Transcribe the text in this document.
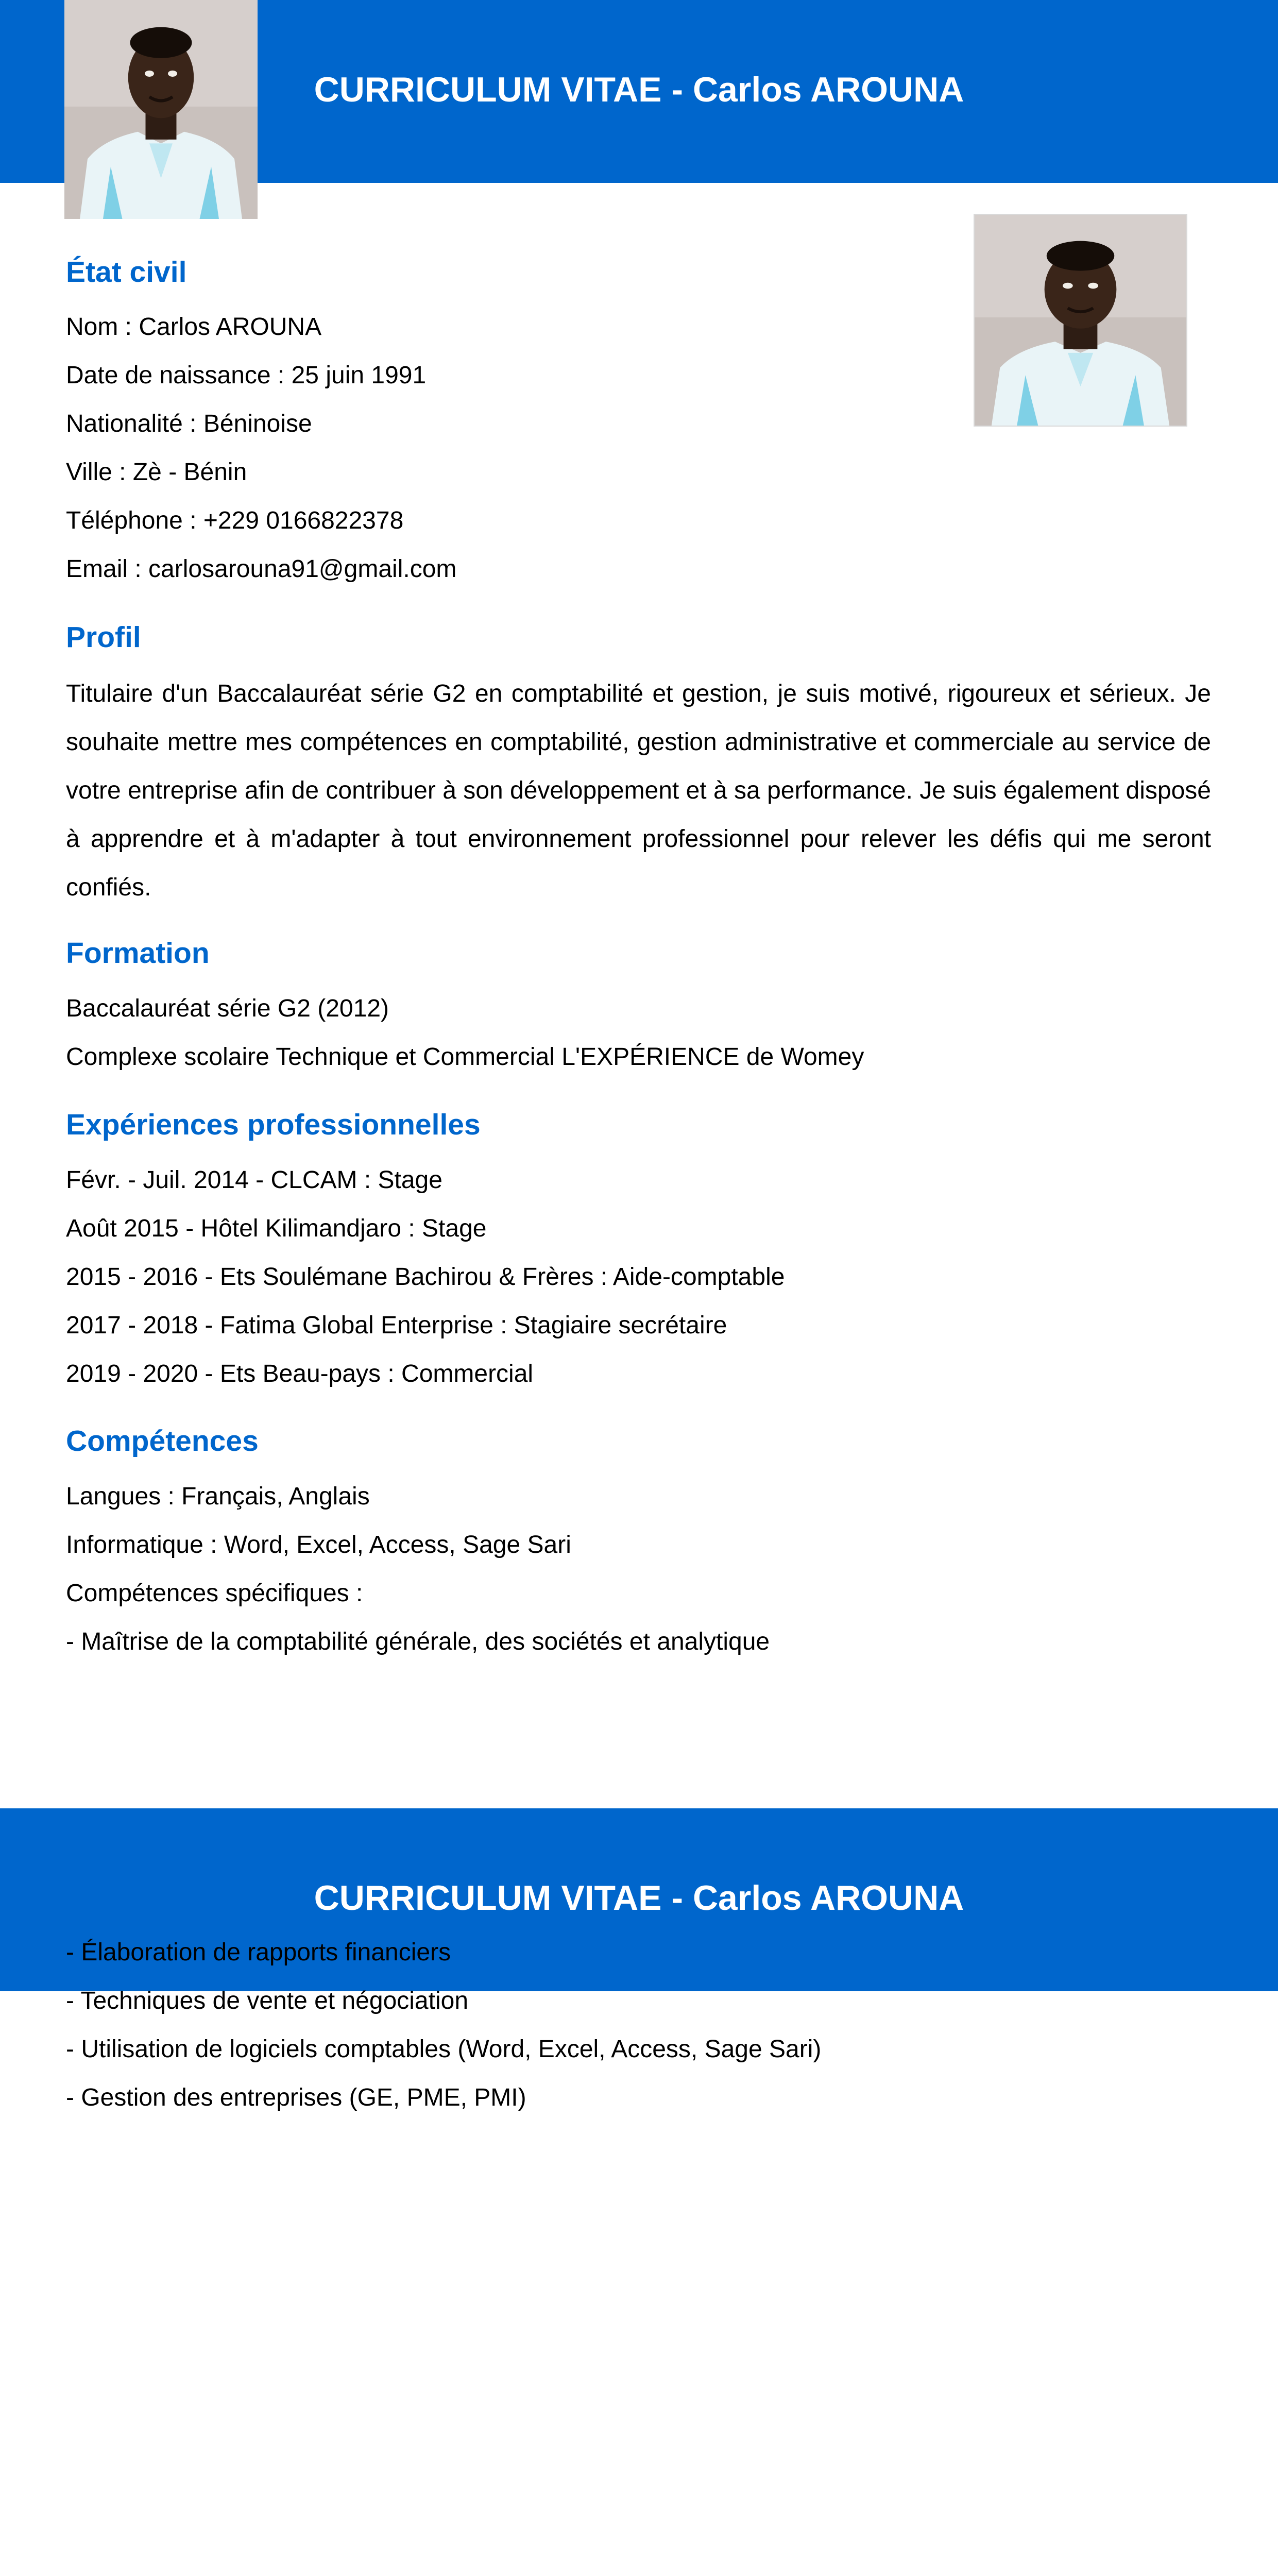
CURRICULUM VITAE - Carlos AROUNA
État civil

Nom : Carlos AROUNA

Date de naissance : 25 juin 1991

Nationalité : Béninoise

Ville : Zè - Bénin

Téléphone : +229 0166822378

Email : carlosarouna91@gmail.com

Profil

Titulaire d'un Baccalauréat série G2 en comptabilité et gestion, je suis motivé, rigoureux et sérieux. Je souhaite mettre mes compétences en comptabilité, gestion administrative et commerciale au service de votre entreprise afin de contribuer à son développement et à sa performance. Je suis également disposé à apprendre et à m'adapter à tout environnement professionnel pour relever les défis qui me seront confiés.

Formation

Baccalauréat série G2 (2012)

Complexe scolaire Technique et Commercial L'EXPÉRIENCE de Womey

Expériences professionnelles

Févr. - Juil. 2014 - CLCAM : Stage

Août 2015 - Hôtel Kilimandjaro : Stage

2015 - 2016 - Ets Soulémane Bachirou & Frères : Aide-comptable

2017 - 2018 - Fatima Global Enterprise : Stagiaire secrétaire

2019 - 2020 - Ets Beau-pays : Commercial

Compétences

Langues : Français, Anglais

Informatique : Word, Excel, Access, Sage Sari

Compétences spécifiques :

- Maîtrise de la comptabilité générale, des sociétés et analytique

CURRICULUM VITAE - Carlos AROUNA

- Élaboration de rapports financiers

- Techniques de vente et négociation

- Utilisation de logiciels comptables (Word, Excel, Access, Sage Sari)

- Gestion des entreprises (GE, PME, PMI)
